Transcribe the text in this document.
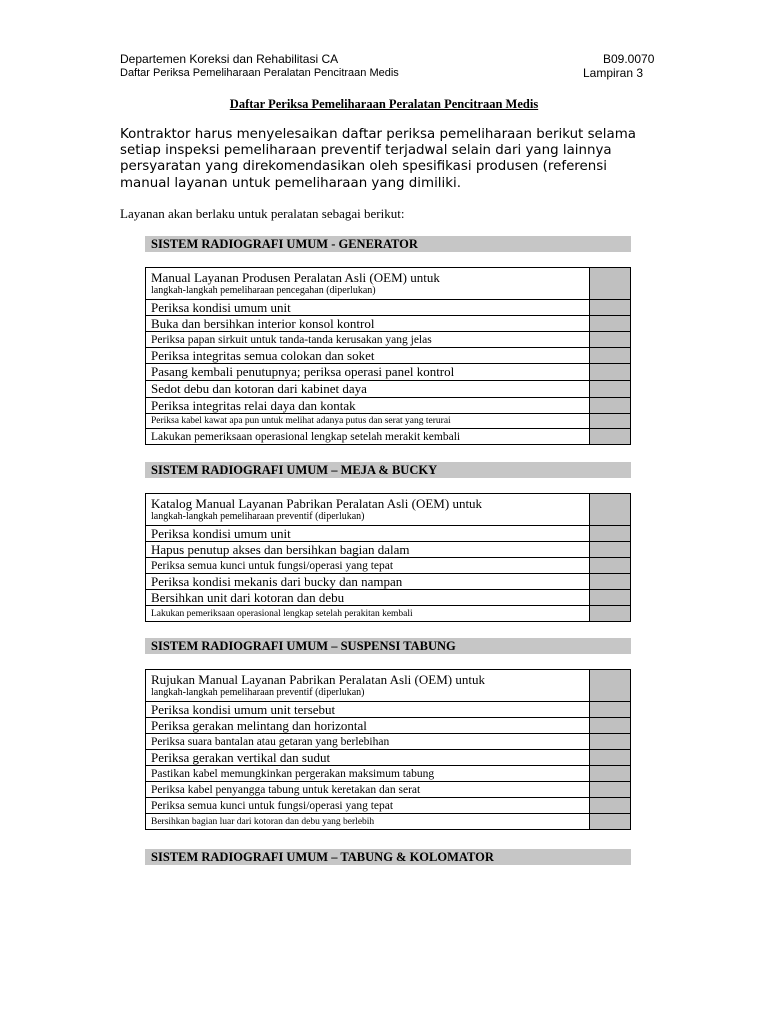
Departemen Koreksi dan Rehabilitasi CA
Daftar Periksa Pemeliharaan Peralatan Pencitraan Medis
B09.0070
Lampiran 3
Daftar Periksa Pemeliharaan Peralatan Pencitraan Medis
Kontraktor harus menyelesaikan daftar periksa pemeliharaan berikut selama
setiap inspeksi pemeliharaan preventif terjadwal selain dari yang lainnya
persyaratan yang direkomendasikan oleh spesifikasi produsen (referensi
manual layanan untuk pemeliharaan yang dimiliki.
Layanan akan berlaku untuk peralatan sebagai berikut:
SISTEM RADIOGRAFI UMUM - GENERATOR
Manual Layanan Produsen Peralatan Asli (OEM) untuk
langkah-langkah pemeliharaan pencegahan (diperlukan)	

Periksa kondisi umum unit	
Buka dan bersihkan interior konsol kontrol	
Periksa papan sirkuit untuk tanda-tanda kerusakan yang jelas	
Periksa integritas semua colokan dan soket	
Pasang kembali penutupnya; periksa operasi panel kontrol	
Sedot debu dan kotoran dari kabinet daya	
Periksa integritas relai daya dan kontak	
Periksa kabel kawat apa pun untuk melihat adanya putus dan serat yang terurai	
Lakukan pemeriksaan operasional lengkap setelah merakit kembali	
SISTEM RADIOGRAFI UMUM – MEJA & BUCKY
Katalog Manual Layanan Pabrikan Peralatan Asli (OEM) untuk
langkah-langkah pemeliharaan preventif (diperlukan)	

Periksa kondisi umum unit	
Hapus penutup akses dan bersihkan bagian dalam	
Periksa semua kunci untuk fungsi/operasi yang tepat	
Periksa kondisi mekanis dari bucky dan nampan	
Bersihkan unit dari kotoran dan debu	
Lakukan pemeriksaan operasional lengkap setelah perakitan kembali	
SISTEM RADIOGRAFI UMUM – SUSPENSI TABUNG
Rujukan Manual Layanan Pabrikan Peralatan Asli (OEM) untuk
langkah-langkah pemeliharaan preventif (diperlukan)	

Periksa kondisi umum unit tersebut	
Periksa gerakan melintang dan horizontal	
Periksa suara bantalan atau getaran yang berlebihan	
Periksa gerakan vertikal dan sudut	
Pastikan kabel memungkinkan pergerakan maksimum tabung	
Periksa kabel penyangga tabung untuk keretakan dan serat	
Periksa semua kunci untuk fungsi/operasi yang tepat	
Bersihkan bagian luar dari kotoran dan debu yang berlebih	
SISTEM RADIOGRAFI UMUM – TABUNG & KOLOMATOR
